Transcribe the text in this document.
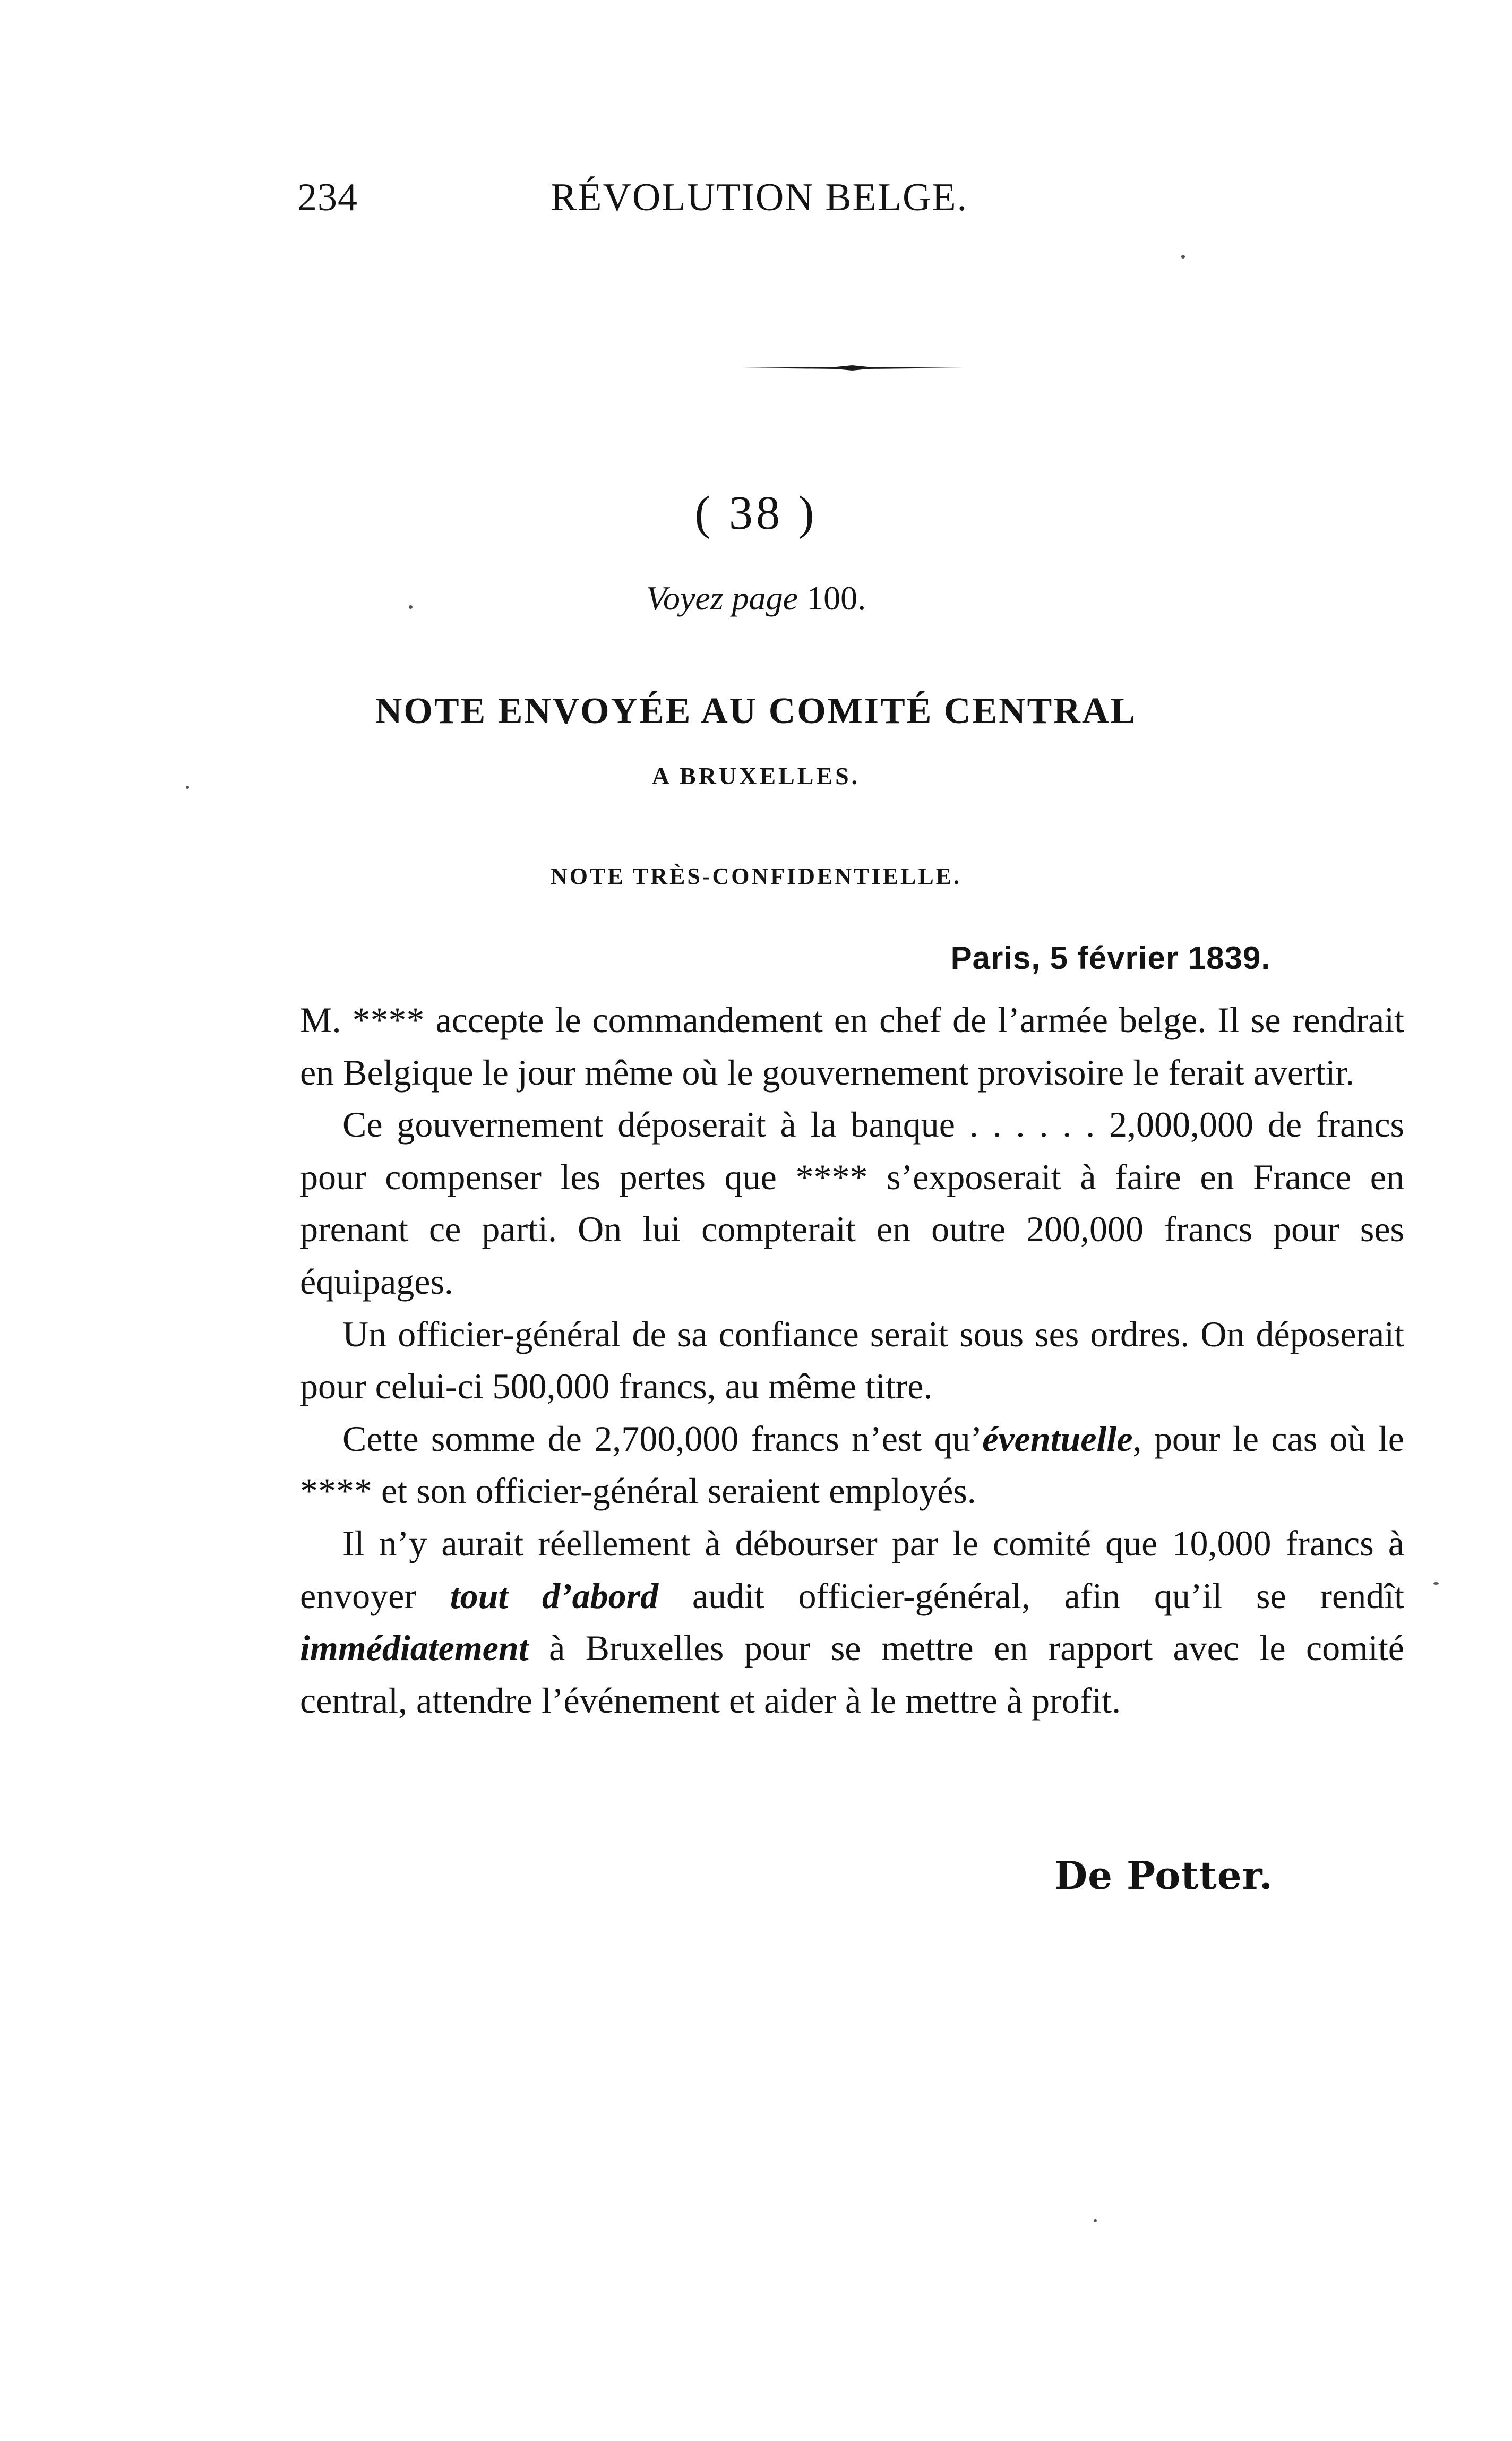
234	RÉVOLUTION BELGE.
( 38 )
Voyez page 100.
NOTE ENVOYÉE AU COMITÉ CENTRAL
A BRUXELLES.
NOTE TRÈS-CONFIDENTIELLE.
Paris, 5 février 1839.

M. **** accepte le commandement en chef de l’armée belge. Il se rendrait en Belgique le jour même où le gouvernement provisoire le ferait avertir.

Ce gouvernement déposerait à la banque . . . . . . 2,000,000 de francs pour compenser les pertes que **** s’exposerait à faire en France en prenant ce parti. On lui compterait en outre 200,000 francs pour ses équipages.

Un officier-général de sa confiance serait sous ses ordres. On déposerait pour celui-ci 500,000 francs, au même titre.

Cette somme de 2,700,000 francs n’est qu’éventuelle, pour le cas où le **** et son officier-général seraient employés.

Il n’y aurait réellement à débourser par le comité que 10,000 francs à envoyer tout d’abord audit officier-général, afin qu’il se rendît immédiatement à Bruxelles pour se mettre en rapport avec le comité central, attendre l’événement et aider à le mettre à profit.

De Potter.
